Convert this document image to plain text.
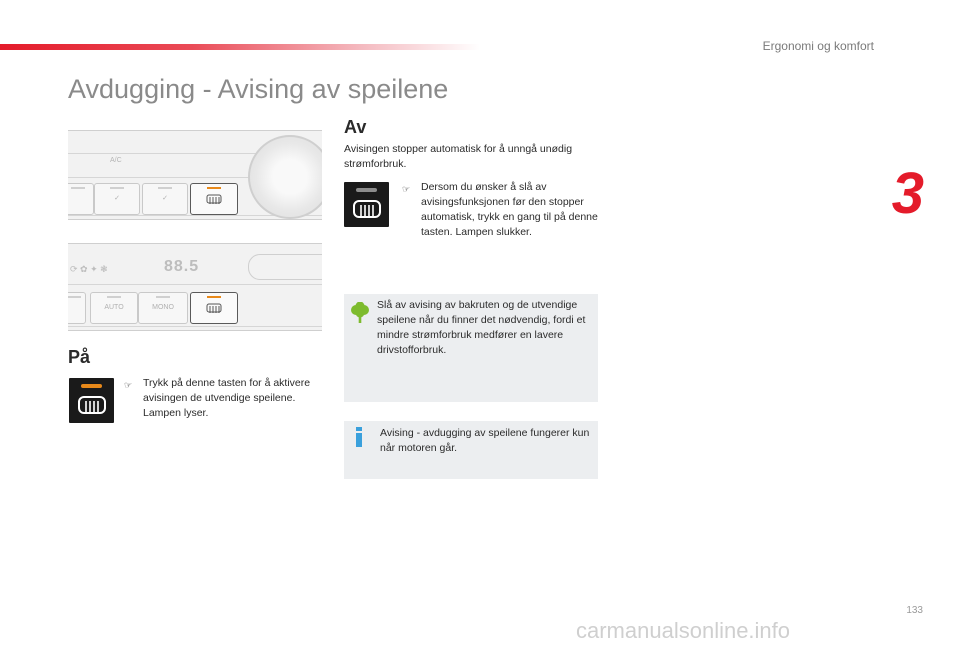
Ergonomi og komfort
3
Avdugging - Avising av speilene
A/C
✓	✓
⟳ ✿ ✦ ❃	88.5
AUTO	MONO
På
☞ Trykk på denne tasten for å aktivere avisingen de utvendige speilene. Lampen lyser.
Av
Avisingen stopper automatisk for å unngå unødig strømforbruk.
☞ Dersom du ønsker å slå av avisingsfunksjonen før den stopper automatisk, trykk en gang til på denne tasten. Lampen slukker.
Slå av avising av bakruten og de utvendige speilene når du finner det nødvendig, fordi et mindre strømforbruk medfører en lavere drivstofforbruk.
Avising - avdugging av speilene fungerer kun når motoren går.
133
carmanualsonline.info
